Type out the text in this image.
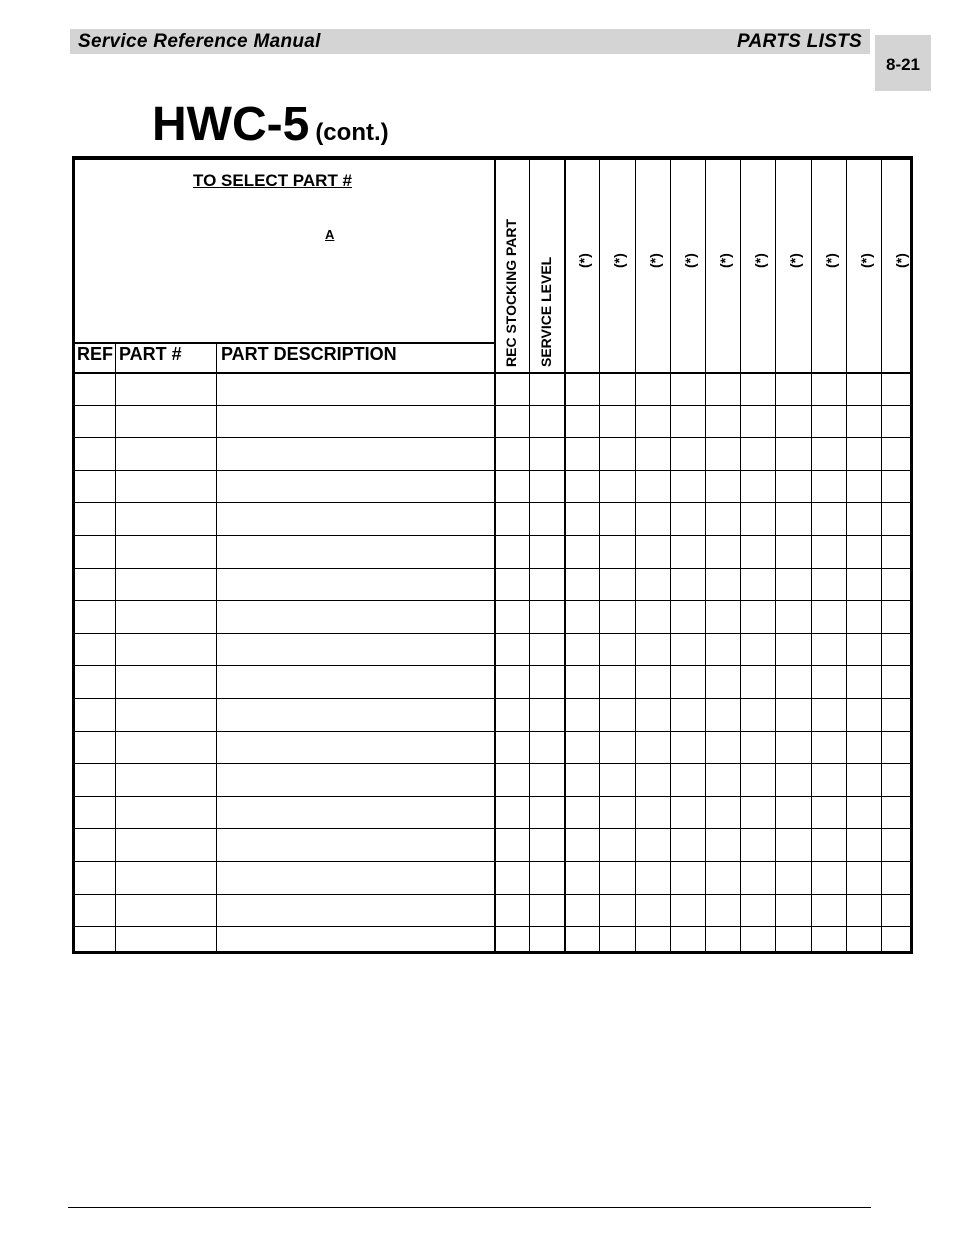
Service Reference Manual	PARTS LISTS
8-21
HWC-5 (cont.)
TO SELECT PART #
A
REF PART # PART DESCRIPTION	REC STOCKING PART SERVICE LEVEL (*) (*) (*) (*) (*) (*) (*) (*) (*) (*)
